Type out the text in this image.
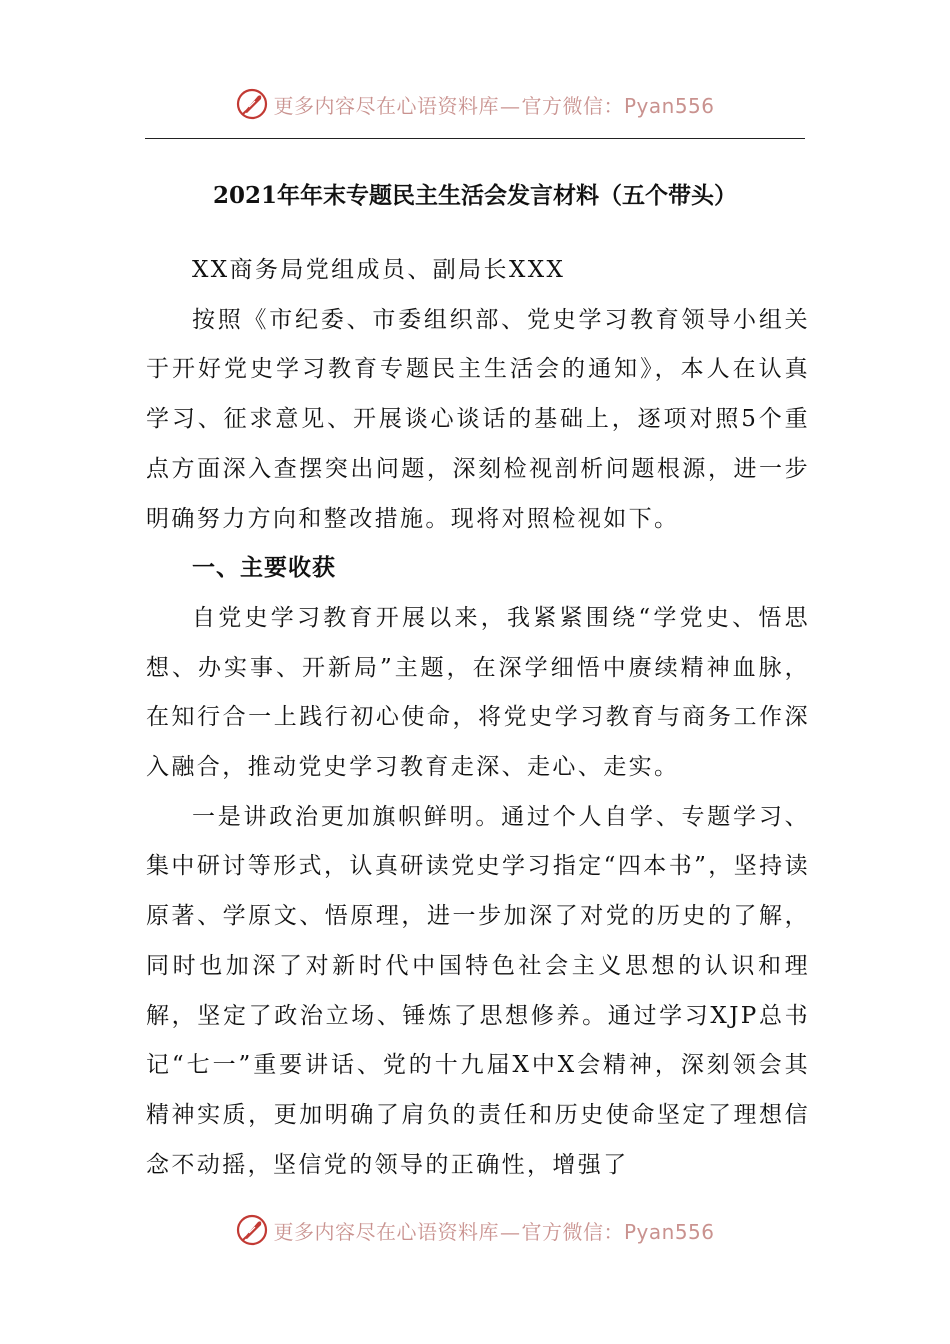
更多内容尽在心语资料库—官方微信：Pyan556
2021年年末专题民主生活会发言材料（五个带头）

XX商务局党组成员、副局长XXX

按照《市纪委、市委组织部、党史学习教育领导小组关于开好党史学习教育专题民主生活会的通知》，本人在认真学习、征求意见、开展谈心谈话的基础上，逐项对照5个重点方面深入查摆突出问题，深刻检视剖析问题根源，进一步明确努力方向和整改措施。现将对照检视如下。

一、主要收获

自党史学习教育开展以来，我紧紧围绕“学党史、悟思想、办实事、开新局”主题，在深学细悟中赓续精神血脉，在知行合一上践行初心使命，将党史学习教育与商务工作深入融合，推动党史学习教育走深、走心、走实。

一是讲政治更加旗帜鲜明。通过个人自学、专题学习、集中研讨等形式，认真研读党史学习指定“四本书”，坚持读原著、学原文、悟原理，进一步加深了对党的历史的了解，同时也加深了对新时代中国特色社会主义思想的认识和理解，坚定了政治立场、锤炼了思想修养。通过学习XJP总书记“七一”重要讲话、党的十九届X中X会精神，深刻领会其精神实质，更加明确了肩负的责任和历史使命坚定了理想信念不动摇，坚信党的领导的正确性，增强了

更多内容尽在心语资料库—官方微信：Pyan556
